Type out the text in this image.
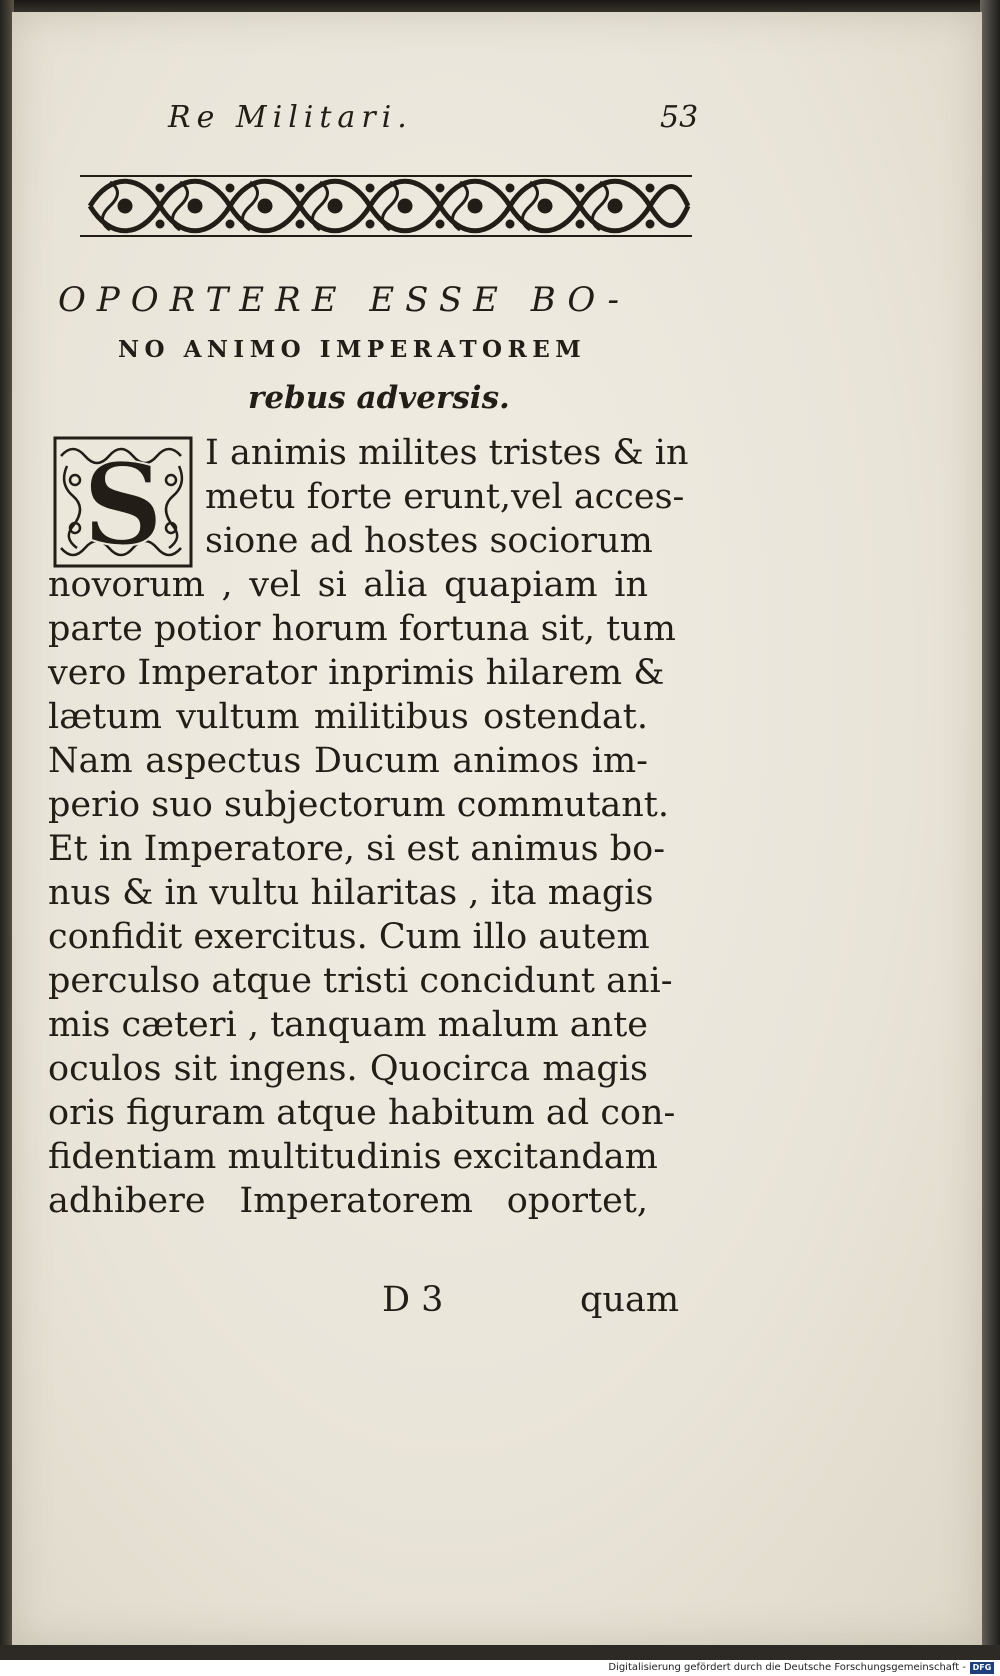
Re Militari.	53
OPORTERE ESSE BO-
NO ANIMO IMPERATOREM
rebus adversis.
S I animis milites tristes & in
metu forte erunt,vel acces-
sione ad hostes sociorum
novorum , vel si alia quapiam in
parte potior horum fortuna sit, tum
vero Imperator inprimis hilarem &
lætum vultum militibus ostendat.
Nam aspectus Ducum animos im-
perio suo subjectorum commutant.
Et in Imperatore, si est animus bo-
nus & in vultu hilaritas , ita magis
confidit exercitus. Cum illo autem
perculso atque tristi concidunt ani-
mis cæteri , tanquam malum ante
oculos sit ingens. Quocirca magis
oris figuram atque habitum ad con-
fidentiam multitudinis excitandam
adhibere Imperatorem oportet,
D 3	quam
Digitalisierung gefördert durch die Deutsche Forschungsgemeinschaft - DFG
